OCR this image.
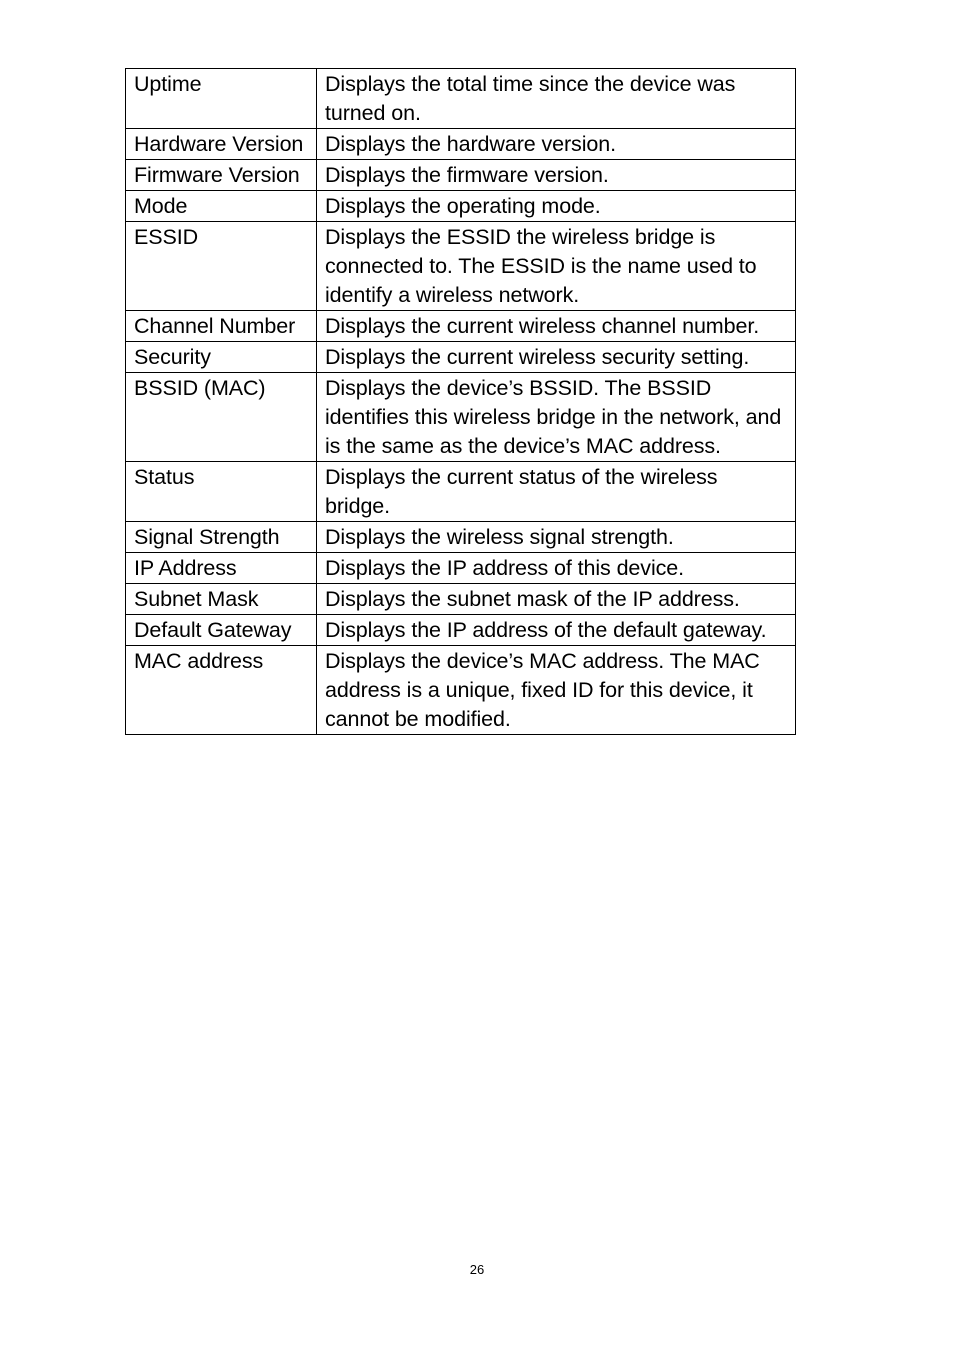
Uptime	Displays the total time since the device was turned on.
Hardware Version	Displays the hardware version.
Firmware Version	Displays the firmware version.
Mode	Displays the operating mode.
ESSID	Displays the ESSID the wireless bridge is connected to. The ESSID is the name used to identify a wireless network.
Channel Number	Displays the current wireless channel number.
Security	Displays the current wireless security setting.
BSSID (MAC)	Displays the device’s BSSID. The BSSID identifies this wireless bridge in the network, and is the same as the device’s MAC address.
Status	Displays the current status of the wireless bridge.
Signal Strength	Displays the wireless signal strength.
IP Address	Displays the IP address of this device.
Subnet Mask	Displays the subnet mask of the IP address.
Default Gateway	Displays the IP address of the default gateway.
MAC address	Displays the device’s MAC address. The MAC address is a unique, fixed ID for this device, it cannot be modified.
26
